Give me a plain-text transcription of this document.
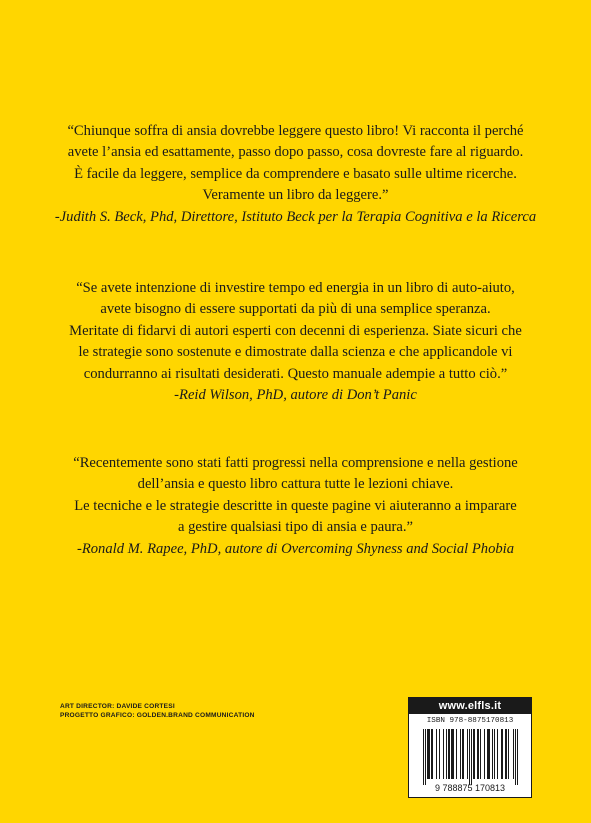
“Chiunque soffra di ansia dovrebbe leggere questo libro! Vi racconta il perché
avete l’ansia ed esattamente, passo dopo passo, cosa dovreste fare al riguardo.
È facile da leggere, semplice da comprendere e basato sulle ultime ricerche.
Veramente un libro da leggere.”
-Judith S. Beck, Phd, Direttore, Istituto Beck per la Terapia Cognitiva e la Ricerca
“Se avete intenzione di investire tempo ed energia in un libro di auto-aiuto,
avete bisogno di essere supportati da più di una semplice speranza.
Meritate di fidarvi di autori esperti con decenni di esperienza. Siate sicuri che
le strategie sono sostenute e dimostrate dalla scienza e che applicandole vi
condurranno ai risultati desiderati. Questo manuale adempie a tutto ciò.”
-Reid Wilson, PhD, autore di Don’t Panic
“Recentemente sono stati fatti progressi nella comprensione e nella gestione
dell’ansia e questo libro cattura tutte le lezioni chiave.
Le tecniche e le strategie descritte in queste pagine vi aiuteranno a imparare
a gestire qualsiasi tipo di ansia e paura.”
-Ronald M. Rapee, PhD, autore di Overcoming Shyness and Social Phobia
ART DIRECTOR: DAVIDE CORTESI
PROGETTO GRAFICO: GOLDEN.BRAND COMMUNICATION
www.elfls.it
ISBN 978-8875170813
9 788875 170813
